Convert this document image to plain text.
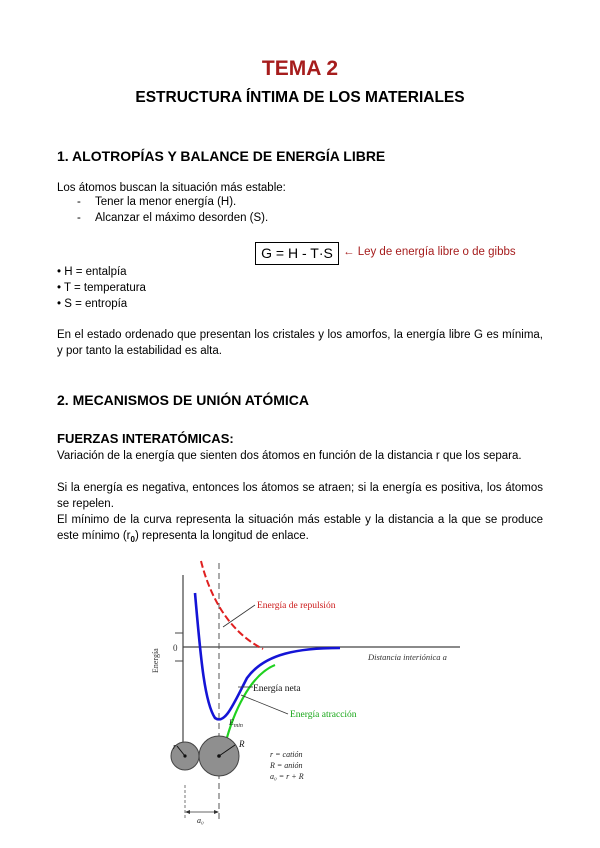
TEMA 2
ESTRUCTURA ÍNTIMA DE LOS MATERIALES
1. ALOTROPÍAS Y BALANCE DE ENERGÍA LIBRE
Los átomos buscan la situación más estable:
- Tener la menor energía (H).
- Alcanzar el máximo desorden (S).
G = H - T·S ← Ley de energía libre o de gibbs
• H = entalpía
• T = temperatura
• S = entropía
En el estado ordenado que presentan los cristales y los amorfos, la energía libre G es mínima, y por tanto la estabilidad es alta.
2. MECANISMOS DE UNIÓN ATÓMICA
FUERZAS INTERATÓMICAS:
Variación de la energía que sienten dos átomos en función de la distancia r que los separa.
Si la energía es negativa, entonces los átomos se atraen; si la energía es positiva, los átomos se repelen.
El mínimo de la curva representa la situación más estable y la distancia a la que se produce este mínimo $(r_0)$ representa la longitud de enlace.
Energía
0
Distancia interiónica a
Energía de repulsión
Energía neta
Energía atracción
$E_{min}$
r	R
r = catión
R = anión
a₀ = r + R
a₀
